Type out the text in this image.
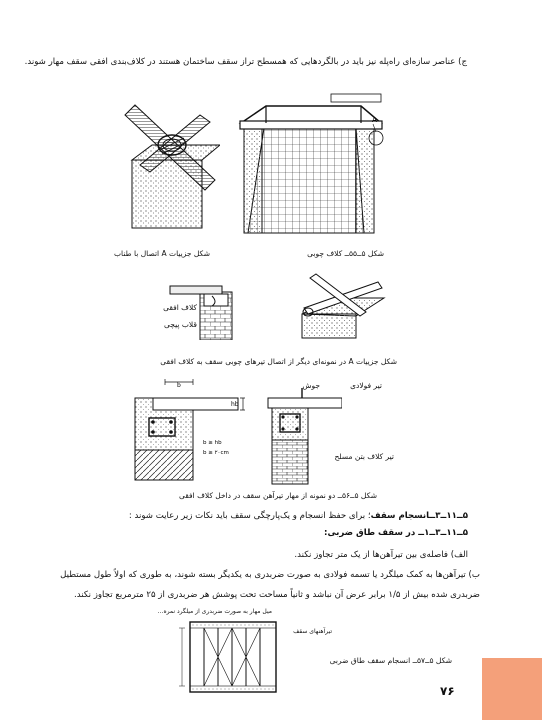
ج) عناصر سازه‌ای راه‌پله نیز باید در بالگردهایی که همسطح تراز سقف ساختمان هستند در کلاف‌بندی افقی سقف مهار شوند.
A
شکل جزییات A اتصال با طناب	شکل ۵ــ۵۵ــ کلاف چوبی
کلاف افقی
قلاب پیچی
شکل جزییات A در نمونه‌ای دیگر از اتصال تیرهای چوبی سقف به کلاف افقی
b
hb
b ≥ hb
b ≥ ۲۰cm
تیر فولادی
جوش
تیر کلاف بتن مسلح
شکل ۵ــ۵۶ــ دو نمونه از مهار تیرآهن سقف در داخل کلاف افقی
۵ــ۱۱ــ۳ــانسجام سقف؛ برای حفظ انسجام و یک‌پارچگی سقف باید نکات زیر رعایت شوند :
۵ــ۱۱ــ۳ــ۱ــ در سقف طاق ضربی:
الف) فاصله‌ی بین تیرآهن‌ها از یک متر تجاوز نکند.
ب) تیرآهن‌ها به کمک میلگرد یا تسمه فولادی به صورت ضربدری به یکدیگر بسته شوند، به طوری که اولاً طول مستطیل
ضربدری شده بیش از ۱/۵ برابر عرض آن نباشد و ثانیاً مساحت تحت پوشش هر ضربدری از ۲۵ مترمربع تجاوز نکند.
میل مهار به صورت ضربدری از میلگرد نمره…
تیرآهنهای سقف
شکل ۵ــ۵۷ــ انسجام سقف طاق ضربی
۷۶
